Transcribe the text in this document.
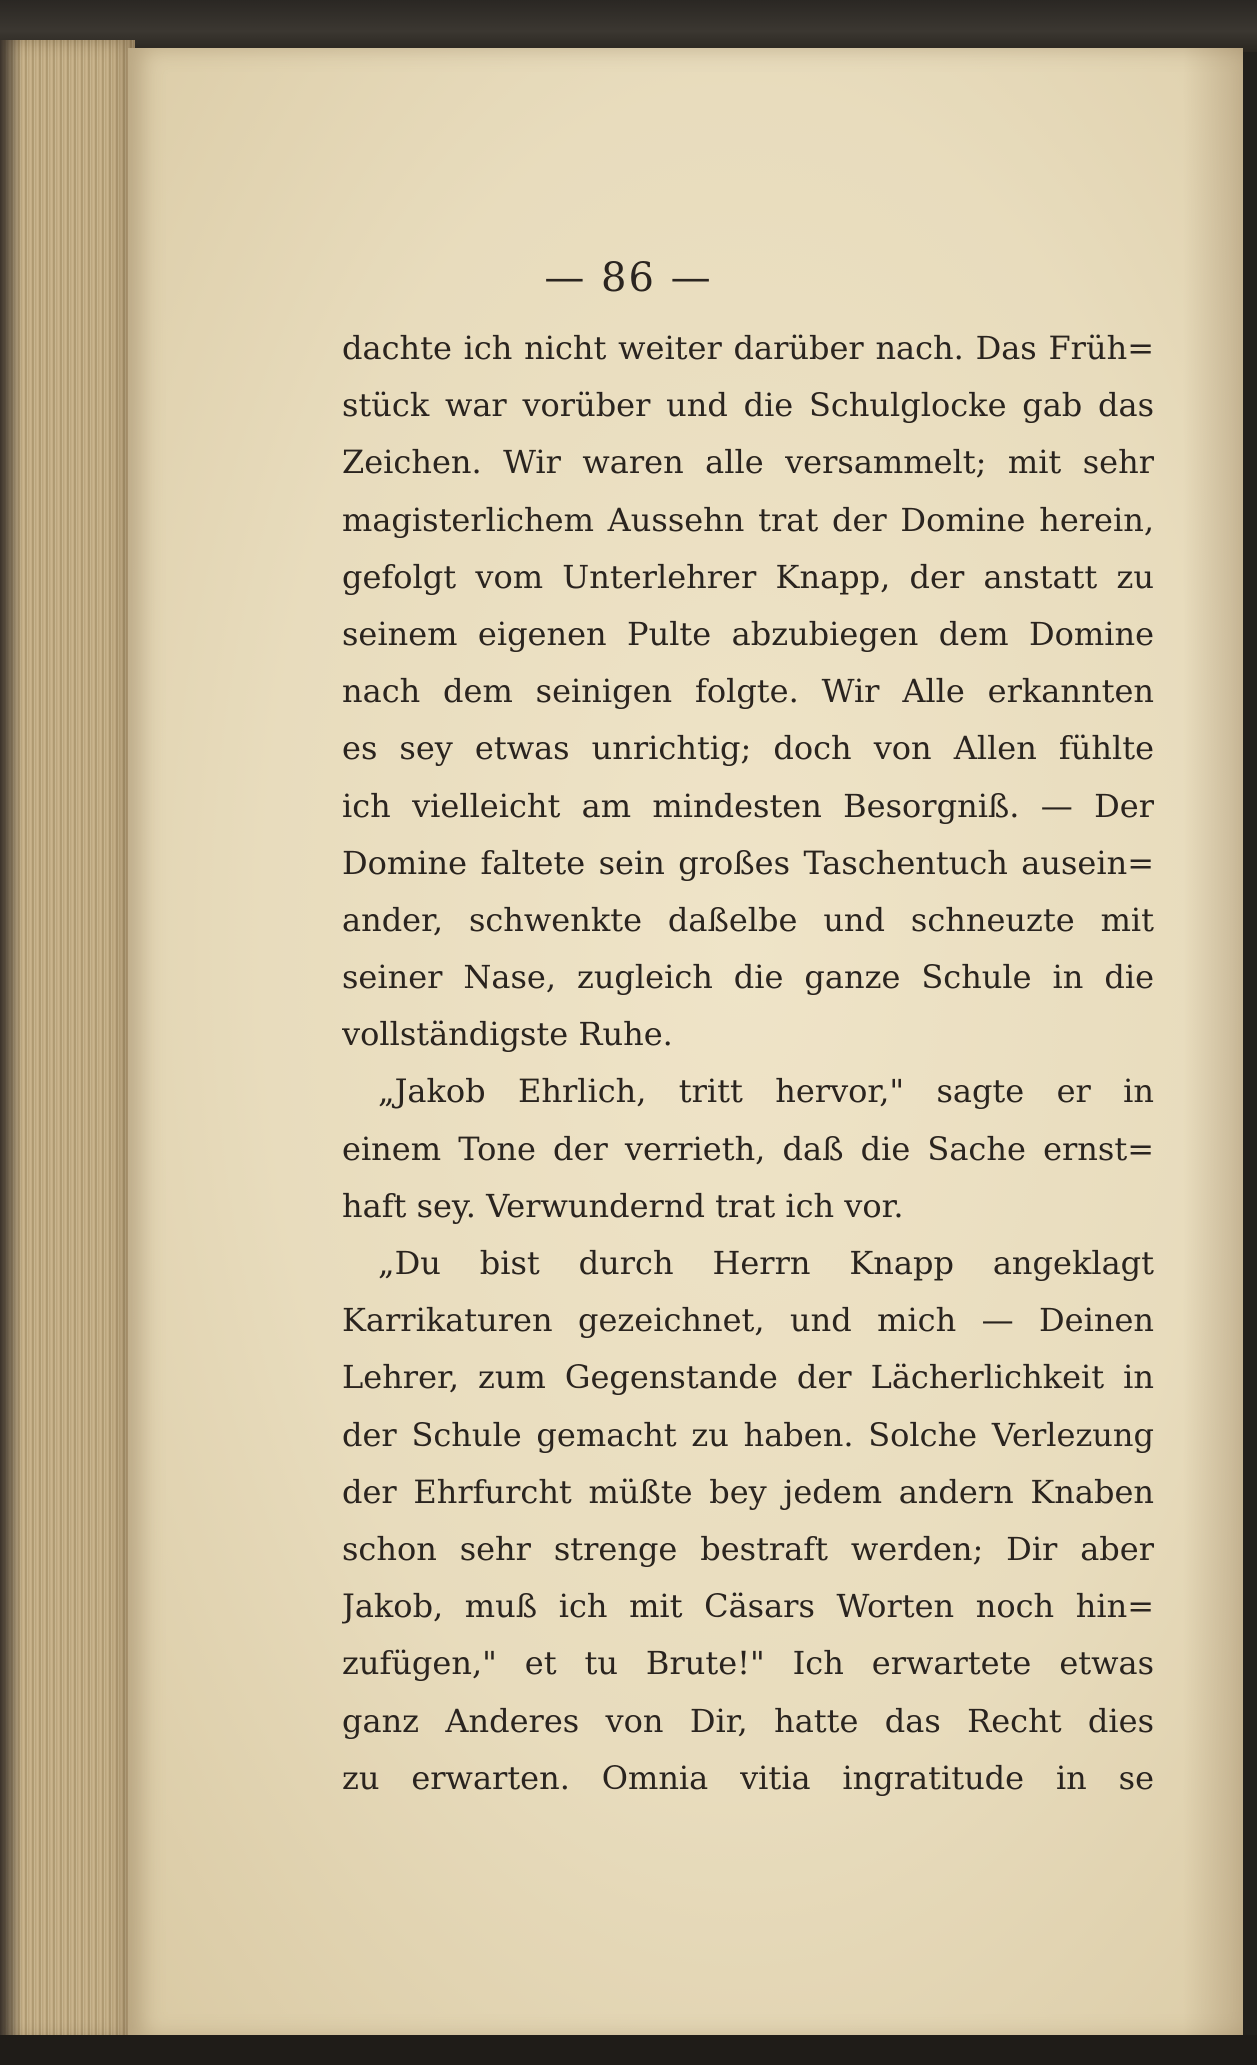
— 86 —
dachte ich nicht weiter darüber nach. Das Früh=
stück war vorüber und die Schulglocke gab das
Zeichen. Wir waren alle versammelt; mit sehr
magisterlichem Aussehn trat der Domine herein,
gefolgt vom Unterlehrer Knapp, der anstatt zu
seinem eigenen Pulte abzubiegen dem Domine
nach dem seinigen folgte. Wir Alle erkannten
es sey etwas unrichtig; doch von Allen fühlte
ich vielleicht am mindesten Besorgniß. — Der
Domine faltete sein großes Taschentuch ausein=
ander, schwenkte daßelbe und schneuzte mit
seiner Nase, zugleich die ganze Schule in die
vollständigste Ruhe.
„Jakob Ehrlich, tritt hervor," sagte er in
einem Tone der verrieth, daß die Sache ernst=
haft sey. Verwundernd trat ich vor.
„Du bist durch Herrn Knapp angeklagt
Karrikaturen gezeichnet, und mich — Deinen
Lehrer, zum Gegenstande der Lächerlichkeit in
der Schule gemacht zu haben. Solche Verlezung
der Ehrfurcht müßte bey jedem andern Knaben
schon sehr strenge bestraft werden; Dir aber
Jakob, muß ich mit Cäsars Worten noch hin=
zufügen," et tu Brute!" Ich erwartete etwas
ganz Anderes von Dir, hatte das Recht dies
zu erwarten. Omnia vitia ingratitude in se
